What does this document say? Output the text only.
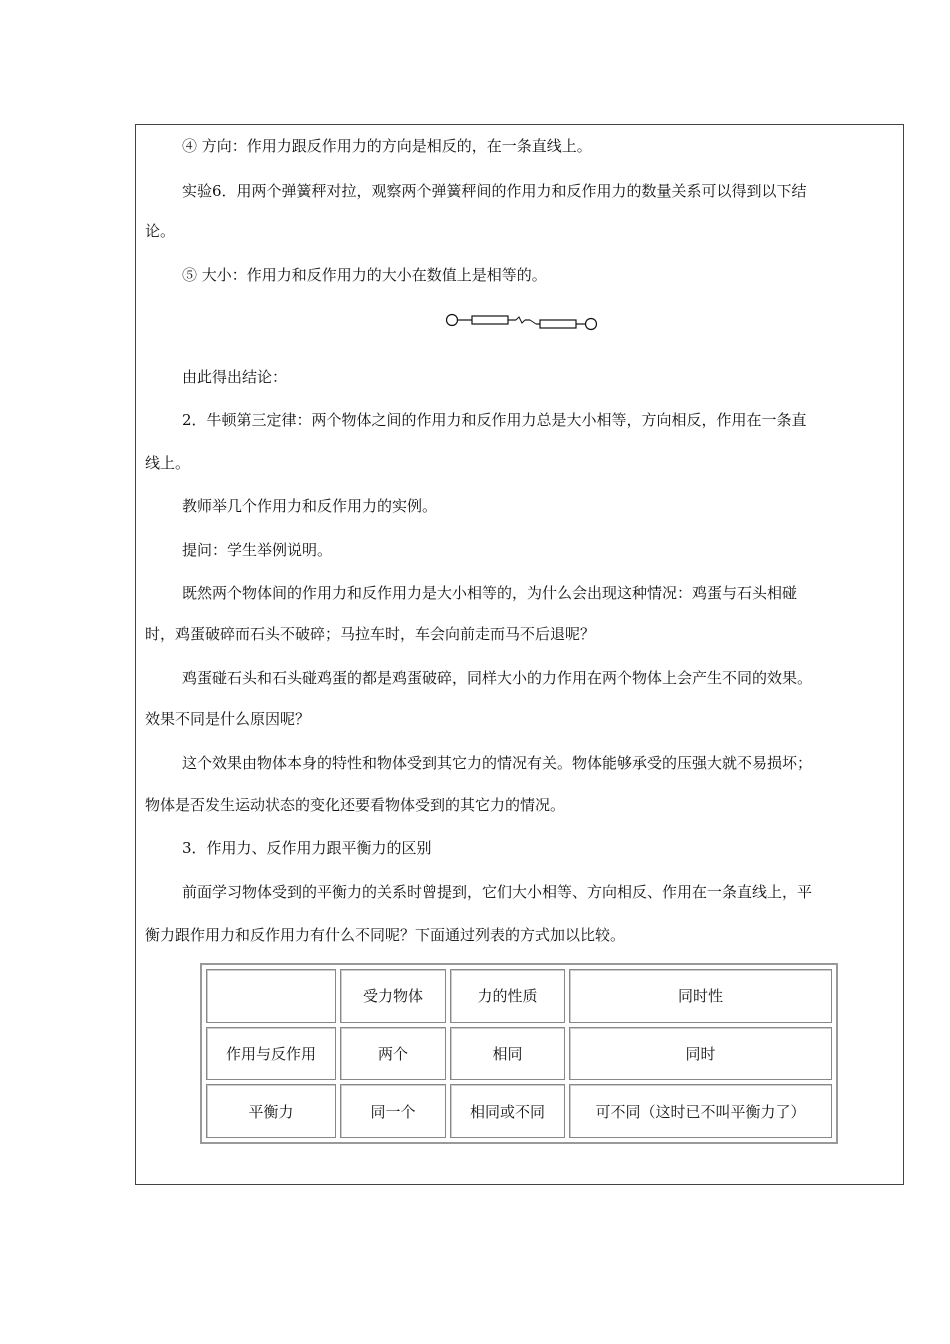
④ 方向：作用力跟反作用力的方向是相反的，在一条直线上。
实验6．用两个弹簧秤对拉，观察两个弹簧秤间的作用力和反作用力的数量关系可以得到以下结
论。
⑤ 大小：作用力和反作用力的大小在数值上是相等的。
由此得出结论：
2．牛顿第三定律：两个物体之间的作用力和反作用力总是大小相等，方向相反，作用在一条直
线上。
教师举几个作用力和反作用力的实例。
提问：学生举例说明。
既然两个物体间的作用力和反作用力是大小相等的，为什么会出现这种情况：鸡蛋与石头相碰
时，鸡蛋破碎而石头不破碎；马拉车时，车会向前走而马不后退呢？
鸡蛋碰石头和石头碰鸡蛋的都是鸡蛋破碎，同样大小的力作用在两个物体上会产生不同的效果。
效果不同是什么原因呢？
这个效果由物体本身的特性和物体受到其它力的情况有关。物体能够承受的压强大就不易损坏；
物体是否发生运动状态的变化还要看物体受到的其它力的情况。
3．作用力、反作用力跟平衡力的区别
前面学习物体受到的平衡力的关系时曾提到，它们大小相等、方向相反、作用在一条直线上，平
衡力跟作用力和反作用力有什么不同呢？下面通过列表的方式加以比较。
	受力物体	力的性质	同时性
作用与反作用	两个	相同	同时
平衡力	同一个	相同或不同	可不同（这时已不叫平衡力了）
